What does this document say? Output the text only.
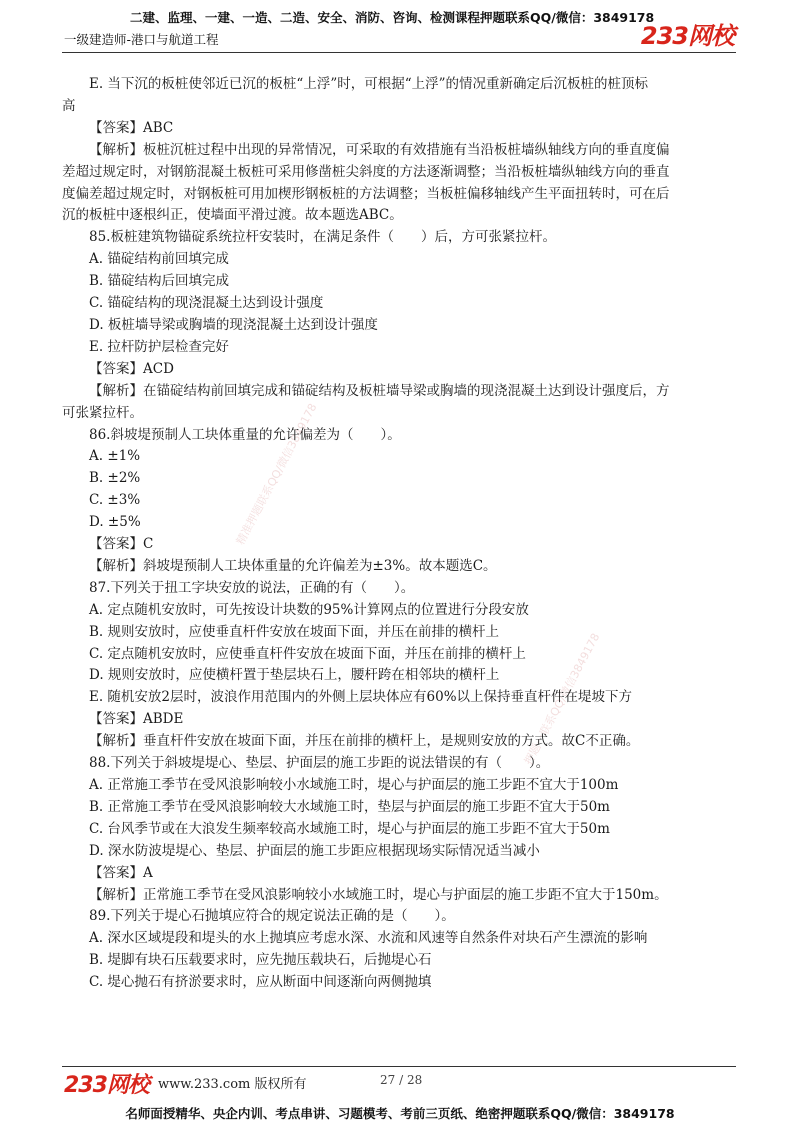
二建、监理、一建、一造、二造、安全、消防、咨询、检测课程押题联系QQ/微信：3849178
一级建造师-港口与航道工程	233网校
精准押题联系QQ/微信3849178
押题一联系QQ/微信3849178

E. 当下沉的板桩使邻近已沉的板桩“上浮”时，可根据“上浮”的情况重新确定后沉板桩的桩顶标

高

【答案】ABC

【解析】板桩沉桩过程中出现的异常情况，可采取的有效措施有当沿板桩墙纵轴线方向的垂直度偏

差超过规定时，对钢筋混凝土板桩可采用修凿桩尖斜度的方法逐渐调整；当沿板桩墙纵轴线方向的垂直

度偏差超过规定时，对钢板桩可用加楔形钢板桩的方法调整；当板桩偏移轴线产生平面扭转时，可在后

沉的板桩中逐根纠正，使墙面平滑过渡。故本题选ABC。

85.板桩建筑物锚碇系统拉杆安装时，在满足条件（　　）后，方可张紧拉杆。

A. 锚碇结构前回填完成

B. 锚碇结构后回填完成

C. 锚碇结构的现浇混凝土达到设计强度

D. 板桩墙导梁或胸墙的现浇混凝土达到设计强度

E. 拉杆防护层检查完好

【答案】ACD

【解析】在锚碇结构前回填完成和锚碇结构及板桩墙导梁或胸墙的现浇混凝土达到设计强度后，方

可张紧拉杆。

86.斜坡堤预制人工块体重量的允许偏差为（　　）。

A. ±1%

B. ±2%

C. ±3%

D. ±5%

【答案】C

【解析】斜坡堤预制人工块体重量的允许偏差为±3%。故本题选C。

87.下列关于扭工字块安放的说法，正确的有（　　）。

A. 定点随机安放时，可先按设计块数的95%计算网点的位置进行分段安放

B. 规则安放时，应使垂直杆件安放在坡面下面，并压在前排的横杆上

C. 定点随机安放时，应使垂直杆件安放在坡面下面，并压在前排的横杆上

D. 规则安放时，应使横杆置于垫层块石上，腰杆跨在相邻块的横杆上

E. 随机安放2层时，波浪作用范围内的外侧上层块体应有60%以上保持垂直杆件在堤坡下方

【答案】ABDE

【解析】垂直杆件安放在坡面下面，并压在前排的横杆上，是规则安放的方式。故C不正确。

88.下列关于斜坡堤堤心、垫层、护面层的施工步距的说法错误的有（　　）。

A. 正常施工季节在受风浪影响较小水域施工时，堤心与护面层的施工步距不宜大于100m

B. 正常施工季节在受风浪影响较大水域施工时，垫层与护面层的施工步距不宜大于50m

C. 台风季节或在大浪发生频率较高水域施工时，堤心与护面层的施工步距不宜大于50m

D. 深水防波堤堤心、垫层、护面层的施工步距应根据现场实际情况适当减小

【答案】A

【解析】正常施工季节在受风浪影响较小水域施工时，堤心与护面层的施工步距不宜大于150m。

89.下列关于堤心石抛填应符合的规定说法正确的是（　　）。

A. 深水区域堤段和堤头的水上抛填应考虑水深、水流和风速等自然条件对块石产生漂流的影响

B. 堤脚有块石压载要求时，应先抛压载块石，后抛堤心石

C. 堤心抛石有挤淤要求时，应从断面中间逐渐向两侧抛填

233网校 www.233.com 版权所有	27 / 28
名师面授精华、央企内训、考点串讲、习题模考、考前三页纸、绝密押题联系QQ/微信：3849178
